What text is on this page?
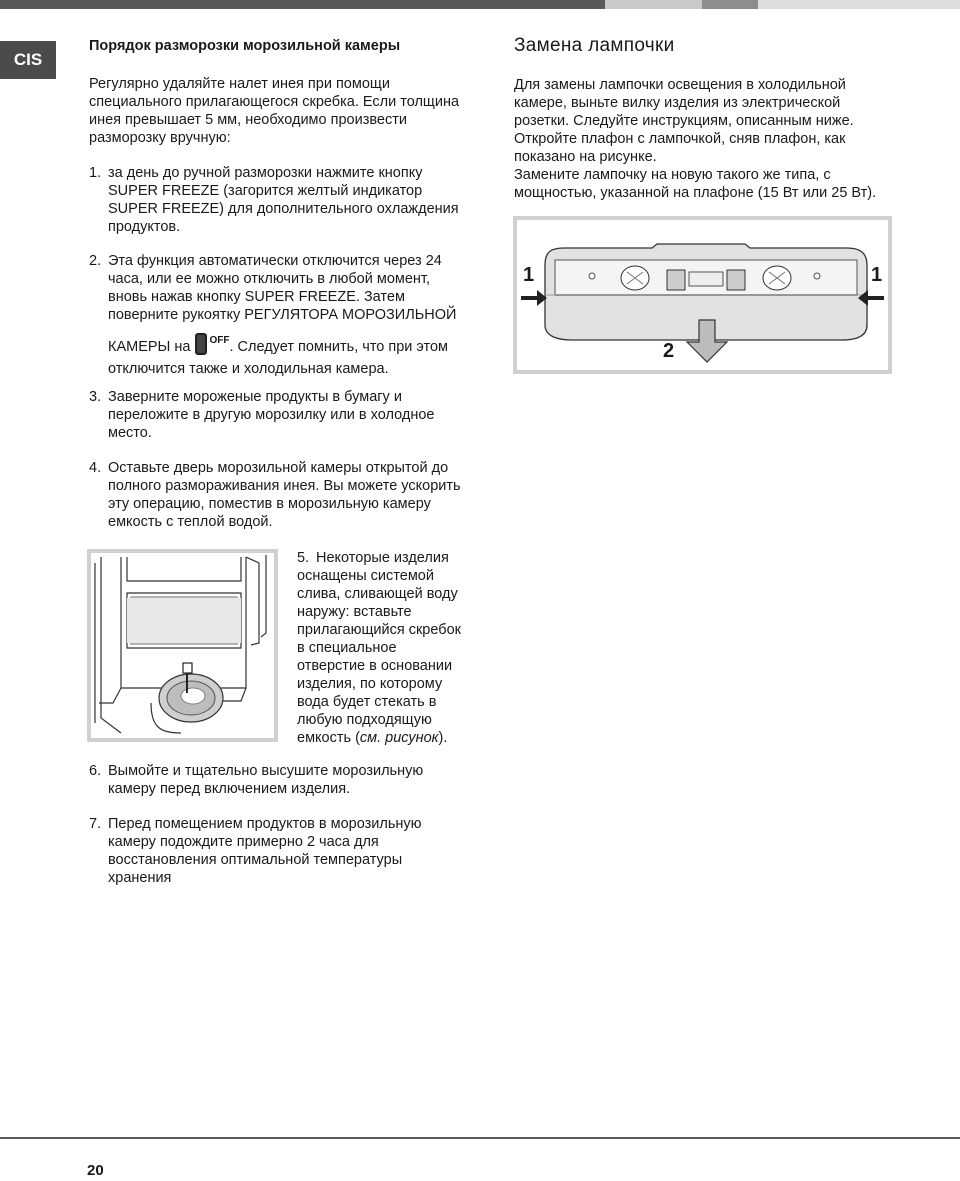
CIS
Порядок разморозки морозильной камеры
Регулярно удаляйте налет инея при помощи
специального прилагающегося скребка. Если толщина
инея превышает 5 мм, необходимо произвести
разморозку вручную:
1. за день до ручной разморозки нажмите кнопку
SUPER FREEZE (загорится желтый индикатор
SUPER FREEZE) для дополнительного охлаждения
продуктов.
2. Эта функция автоматически отключится через 24
часа, или ее можно отключить в любой момент,
вновь нажав кнопку SUPER FREEZE. Затем
поверните рукоятку РЕГУЛЯТОРА МОРОЗИЛЬНОЙ
КАМЕРЫ на $^{OFF}$. Следует помнить, что при этом
отключится также и холодильная камера.
3. Заверните мороженые продукты в бумагу и
переложите в другую морозилку или в холодное
место.
4. Оставьте дверь морозильной камеры открытой до
полного размораживания инея. Вы можете ускорить
эту операцию, поместив в морозильную камеру
емкость с теплой водой.
5. Некоторые изделия
оснащены системой
слива, сливающей воду
наружу: вставьте
прилагающийся скребок
в специальное
отверстие в основании
изделия, по которому
вода будет стекать в
любую подходящую
емкость (см. рисунок).
6. Вымойте и тщательно высушите морозильную
камеру перед включением изделия.
7. Перед помещением продуктов в морозильную
камеру подождите примерно 2 часа для
восстановления оптимальной температуры
хранения
Замена лампочки
Для замены лампочки освещения в холодильной
камере, выньте вилку изделия из электрической
розетки. Следуйте инструкциям, описанным ниже.
Откройте плафон с лампочкой, сняв плафон, как
показано на рисунке.
Замените лампочку на новую такого же типа, с
мощностью, указанной на плафоне (15 Вт или 25 Вт).
1	1
2
20
